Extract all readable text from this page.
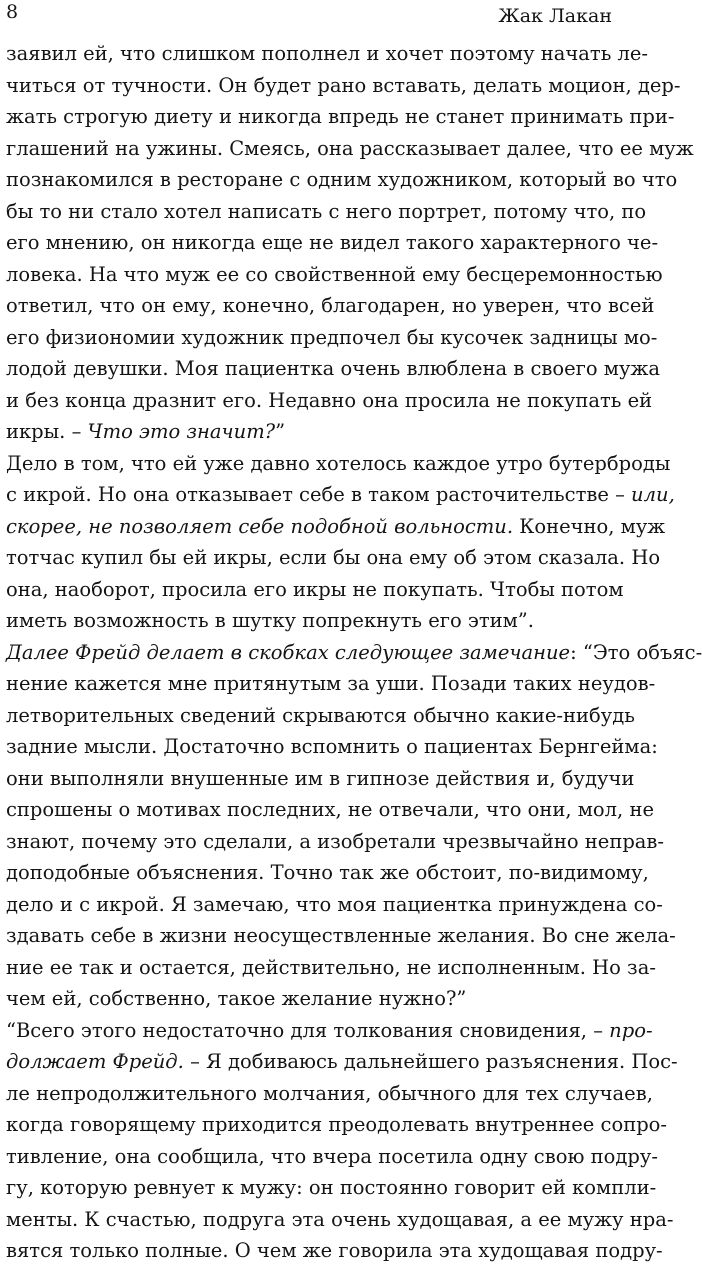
8	Жак Лакан
заявил ей, что слишком пополнел и хочет поэтому начать ле-
читься от тучности. Он будет рано вставать, делать моцион, дер-
жать строгую диету и никогда впредь не станет принимать при-
глашений на ужины. Смеясь, она рассказывает далее, что ее муж
познакомился в ресторане с одним художником, который во что
бы то ни стало хотел написать с него портрет, потому что, по
его мнению, он никогда еще не видел такого характерного че-
ловека. На что муж ее со свойственной ему бесцеремонностью
ответил, что он ему, конечно, благодарен, но уверен, что всей
его физиономии художник предпочел бы кусочек задницы мо-
лодой девушки. Моя пациентка очень влюблена в своего мужа
и без конца дразнит его. Недавно она просила не покупать ей
икры. – Что это значит?”
Дело в том, что ей уже давно хотелось каждое утро бутерброды
с икрой. Но она отказывает себе в таком расточительстве – или,
скорее, не позволяет себе подобной вольности. Конечно, муж
тотчас купил бы ей икры, если бы она ему об этом сказала. Но
она, наоборот, просила его икры не покупать. Чтобы потом
иметь возможность в шутку попрекнуть его этим”.
Далее Фрейд делает в скобках следующее замечание: “Это объяс-
нение кажется мне притянутым за уши. Позади таких неудов-
летворительных сведений скрываются обычно какие-нибудь
задние мысли. Достаточно вспомнить о пациентах Бернгейма:
они выполняли внушенные им в гипнозе действия и, будучи
спрошены о мотивах последних, не отвечали, что они, мол, не
знают, почему это сделали, а изобретали чрезвычайно неправ-
доподобные объяснения. Точно так же обстоит, по-видимому,
дело и с икрой. Я замечаю, что моя пациентка принуждена со-
здавать себе в жизни неосуществленные желания. Во сне жела-
ние ее так и остается, действительно, не исполненным. Но за-
чем ей, собственно, такое желание нужно?”
“Всего этого недостаточно для толкования сновидения, – про-
должает Фрейд. – Я добиваюсь дальнейшего разъяснения. Пос-
ле непродолжительного молчания, обычного для тех случаев,
когда говорящему приходится преодолевать внутреннее сопро-
тивление, она сообщила, что вчера посетила одну свою подру-
гу, которую ревнует к мужу: он постоянно говорит ей компли-
менты. К счастью, подруга эта очень худощавая, а ее мужу нра-
вятся только полные. О чем же говорила эта худощавая подру-
